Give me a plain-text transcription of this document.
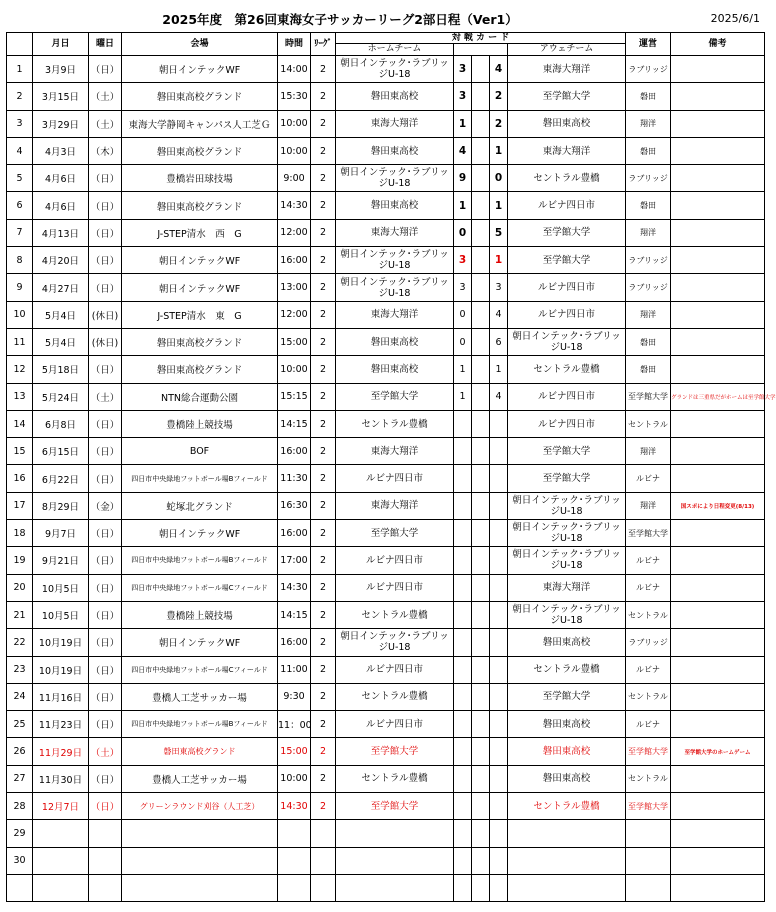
2025年度　第26回東海女子サッカーリーグ2部日程（Ver1）	2025/6/1
	月日	曜日	会場	時間	ﾘｰｸﾞ	対 戦 カ ー ド					運営	備考
						ホームチーム				アウェチーム		
1	3月9日	（日）	朝日インテックWF	14:00	2	朝日インテック･ラブリッジU-18	3		4	東海大翔洋	ラブリッジ	
2	3月15日	（土）	磐田東高校グランド	15:30	2	磐田東高校	3		2	至学館大学	磐田	
3	3月29日	（土）	東海大学静岡キャンパス人工芝Ｇ	10:00	2	東海大翔洋	1		2	磐田東高校	翔洋	
4	4月3日	（木）	磐田東高校グランド	10:00	2	磐田東高校	4		1	東海大翔洋	磐田	
5	4月6日	（日）	豊橋岩田球技場	9:00	2	朝日インテック･ラブリッジU-18	9		0	セントラル豊橋	ラブリッジ	
6	4月6日	（日）	磐田東高校グランド	14:30	2	磐田東高校	1		1	ルビナ四日市	磐田	
7	4月13日	（日）	J-STEP清水　西　G	12:00	2	東海大翔洋	0		5	至学館大学	翔洋	
8	4月20日	（日）	朝日インテックWF	16:00	2	朝日インテック･ラブリッジU-18	3		1	至学館大学	ラブリッジ	
9	4月27日	（日）	朝日インテックWF	13:00	2	朝日インテック･ラブリッジU-18	3		3	ルビナ四日市	ラブリッジ	
10	5月4日	(休日)	J-STEP清水　東　G	12:00	2	東海大翔洋	0		4	ルビナ四日市	翔洋	
11	5月4日	(休日)	磐田東高校グランド	15:00	2	磐田東高校	0		6	朝日インテック･ラブリッジU-18	磐田	
12	5月18日	（日）	磐田東高校グランド	10:00	2	磐田東高校	1		1	セントラル豊橋	磐田	
13	5月24日	（土）	NTN総合運動公園	15:15	2	至学館大学	1		4	ルビナ四日市	至学館大学	グランドは三重県だがホームは至学館大学
14	6月8日	（日）	豊橋陸上競技場	14:15	2	セントラル豊橋				ルビナ四日市	セントラル	
15	6月15日	（日）	BOF	16:00	2	東海大翔洋				至学館大学	翔洋	
16	6月22日	（日）	四日市中央緑地フットボール場Bフィールド	11:30	2	ルビナ四日市				至学館大学	ルビナ	
17	8月29日	（金）	蛇塚北グランド	16:30	2	東海大翔洋				朝日インテック･ラブリッジU-18	翔洋	国スポにより日程変更(8/13)
18	9月7日	（日）	朝日インテックWF	16:00	2	至学館大学				朝日インテック･ラブリッジU-18	至学館大学	
19	9月21日	（日）	四日市中央緑地フットボール場Bフィールド	17:00	2	ルビナ四日市				朝日インテック･ラブリッジU-18	ルビナ	
20	10月5日	（日）	四日市中央緑地フットボール場Cフィールド	14:30	2	ルビナ四日市				東海大翔洋	ルビナ	
21	10月5日	（日）	豊橋陸上競技場	14:15	2	セントラル豊橋				朝日インテック･ラブリッジU-18	セントラル	
22	10月19日	（日）	朝日インテックWF	16:00	2	朝日インテック･ラブリッジU-18				磐田東高校	ラブリッジ	
23	10月19日	（日）	四日市中央緑地フットボール場Cフィールド	11:00	2	ルビナ四日市				セントラル豊橋	ルビナ	
24	11月16日	（日）	豊橋人工芝サッカー場	9:30	2	セントラル豊橋				至学館大学	セントラル	
25	11月23日	（日）	四日市中央緑地フットボール場Bフィールド	11：00	2	ルビナ四日市				磐田東高校	ルビナ	
26	11月29日	（土）	磐田東高校グランド	15:00	2	至学館大学				磐田東高校	至学館大学	至学館大学のホームゲーム
27	11月30日	（日）	豊橋人工芝サッカー場	10:00	2	セントラル豊橋				磐田東高校	セントラル	
28	12月7日	（日）	グリーンラウンド刈谷（人工芝）	14:30	2	至学館大学				セントラル豊橋	至学館大学	
29												
30												
